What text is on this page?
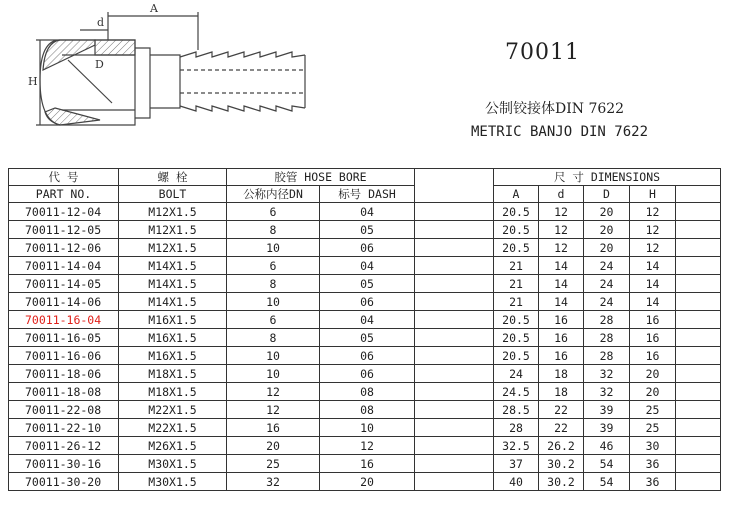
A
d
D
H
70011
公制铰接体DIN 7622
METRIC BANJO DIN 7622
代 号	螺 栓	胶管 HOSE BORE			尺 寸 DIMENSIONS				
PART NO.	BOLT	公称内径DN	标号 DASH		A	d	D	H	
70011-12-04	M12X1.5	6	04		20.5	12	20	12	
70011-12-05	M12X1.5	8	05		20.5	12	20	12	
70011-12-06	M12X1.5	10	06		20.5	12	20	12	
70011-14-04	M14X1.5	6	04		21	14	24	14	
70011-14-05	M14X1.5	8	05		21	14	24	14	
70011-14-06	M14X1.5	10	06		21	14	24	14	
70011-16-04	M16X1.5	6	04		20.5	16	28	16	
70011-16-05	M16X1.5	8	05		20.5	16	28	16	
70011-16-06	M16X1.5	10	06		20.5	16	28	16	
70011-18-06	M18X1.5	10	06		24	18	32	20	
70011-18-08	M18X1.5	12	08		24.5	18	32	20	
70011-22-08	M22X1.5	12	08		28.5	22	39	25	
70011-22-10	M22X1.5	16	10		28	22	39	25	
70011-26-12	M26X1.5	20	12		32.5	26.2	46	30	
70011-30-16	M30X1.5	25	16		37	30.2	54	36	
70011-30-20	M30X1.5	32	20		40	30.2	54	36	
